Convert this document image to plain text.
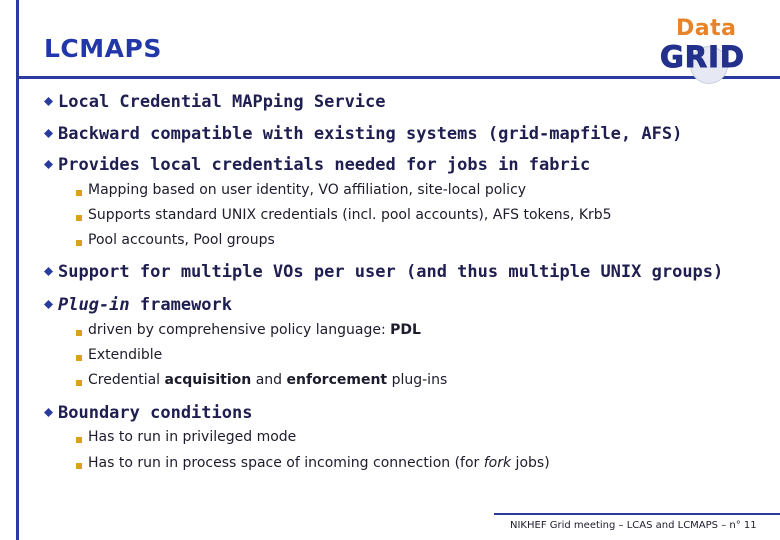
LCMAPS
Data
GRID
Local Credential MAPping Service
Backward compatible with existing systems (grid-mapfile, AFS)
Provides local credentials needed for jobs in fabric
Mapping based on user identity, VO affiliation, site-local policy
Supports standard UNIX credentials (incl. pool accounts), AFS tokens, Krb5
Pool accounts, Pool groups
Support for multiple VOs per user (and thus multiple UNIX groups)
Plug-in framework
driven by comprehensive policy language: PDL
Extendible
Credential acquisition and enforcement plug-ins
Boundary conditions
Has to run in privileged mode
Has to run in process space of incoming connection (for fork jobs)
NIKHEF Grid meeting – LCAS and LCMAPS – n° 11
